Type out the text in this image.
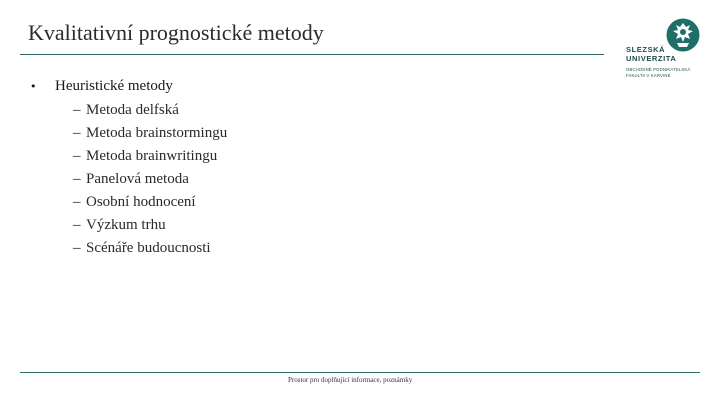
Kvalitativní prognostické metody
SLEZSKÁ
UNIVERZITA
OBCHODNĚ PODNIKATELSKÁ
FAKULTA V KARVINÉ
• Heuristické metody
– Metoda delfská
– Metoda brainstormingu
– Metoda brainwritingu
– Panelová metoda
– Osobní hodnocení
– Výzkum trhu
– Scénáře budoucnosti
Prostor pro doplňující informace, poznámky
